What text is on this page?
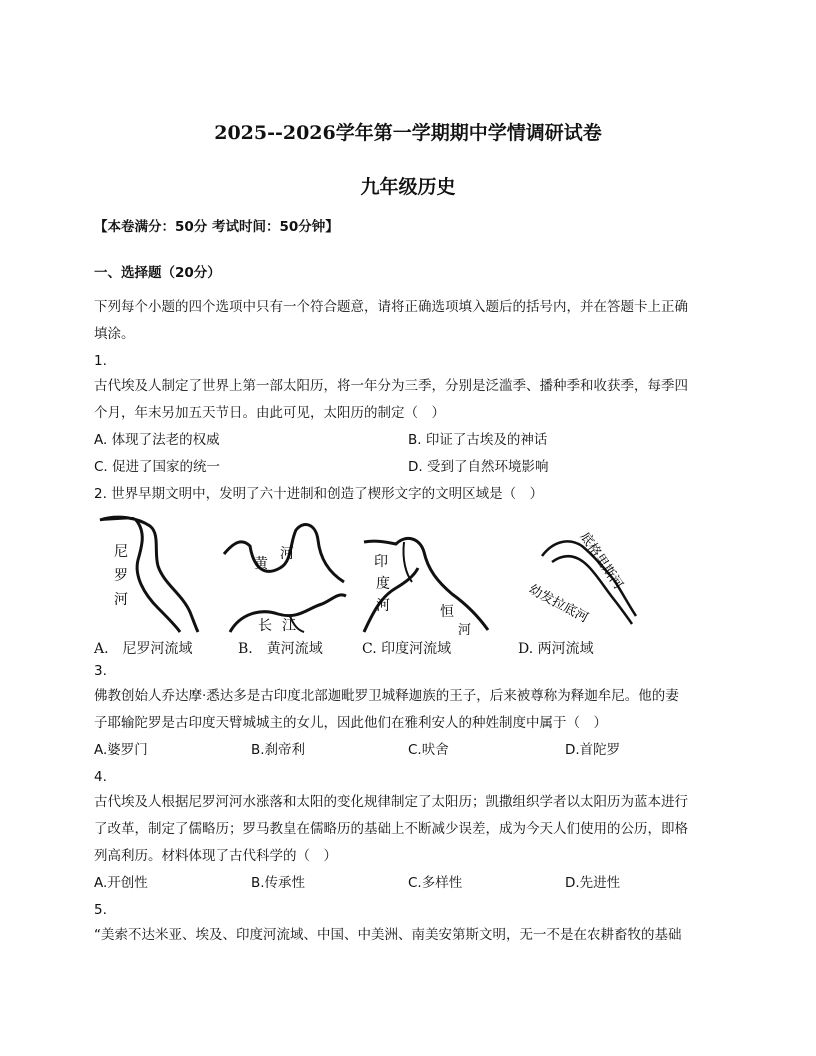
2025--2026学年第一学期期中学情调研试卷
九年级历史
【本卷满分：50分 考试时间：50分钟】
一、选择题（20分）
下列每个小题的四个选项中只有一个符合题意，请将正确选项填入题后的括号内，并在答题卡上正确
填涂。
1.
古代埃及人制定了世界上第一部太阳历，将一年分为三季，分别是泛滥季、播种季和收获季，每季四
个月，年末另加五天节日。由此可见，太阳历的制定（　）
A. 体现了法老的权威	B. 印证了古埃及的神话
C. 促进了国家的统一	D. 受到了自然环境影响
2. 世界早期文明中，发明了六十进制和创造了楔形文字的文明区域是（　）
尼
罗
河
黄
河
长 江
印
度
河	恒
河
幼发拉底河
底格里斯河
A.　尼罗河流域	B.　黄河流域	C. 印度河流域	D. 两河流域
3.
佛教创始人乔达摩·悉达多是古印度北部迦毗罗卫城释迦族的王子，后来被尊称为释迦牟尼。他的妻
子耶输陀罗是古印度天臂城城主的女儿，因此他们在雅利安人的种姓制度中属于（　）
A.婆罗门	B.刹帝利	C.吠舍	D.首陀罗
4.
古代埃及人根据尼罗河河水涨落和太阳的变化规律制定了太阳历；凯撒组织学者以太阳历为蓝本进行
了改革，制定了儒略历；罗马教皇在儒略历的基础上不断减少误差，成为今天人们使用的公历，即格
列高利历。材料体现了古代科学的（　）
A.开创性	B.传承性	C.多样性	D.先进性
5.
“美索不达米亚、埃及、印度河流域、中国、中美洲、南美安第斯文明，无一不是在农耕畜牧的基础
